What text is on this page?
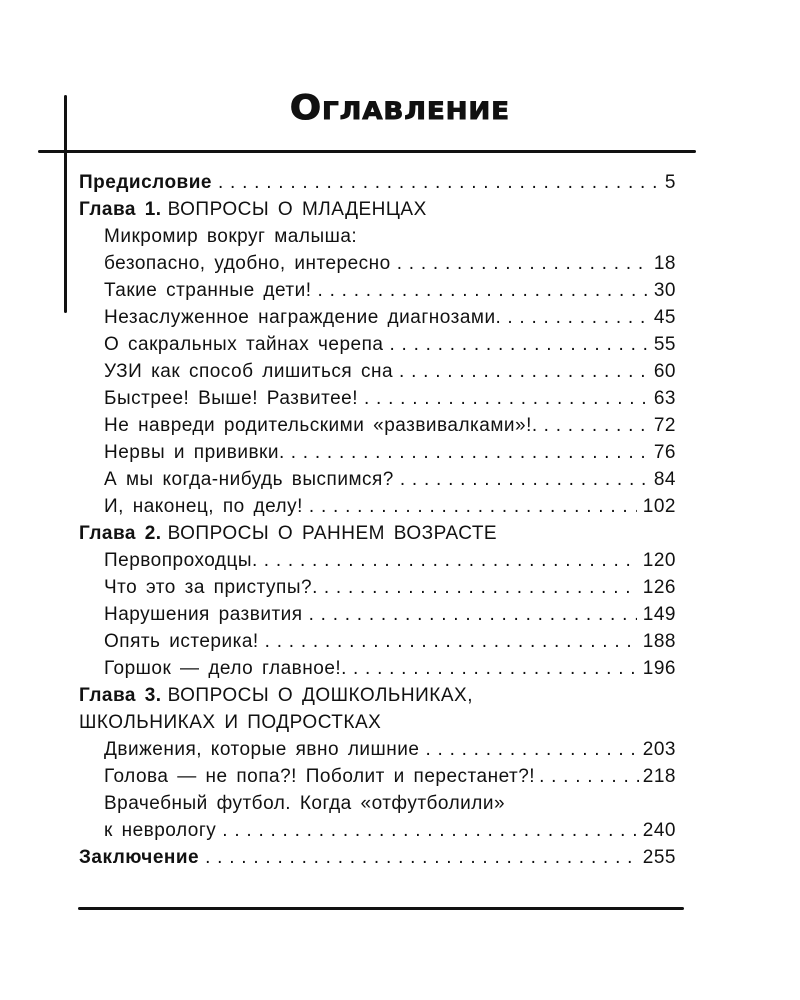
Оглавление
Предисловие . . .	5
Глава 1. ВОПРОСЫ О МЛАДЕНЦАХ
Микромир вокруг малыша:
безопасно, удобно, интересно . . .	18
Такие странные дети! . . .	30
Незаслуженное награждение диагнозами. . . .	45
О сакральных тайнах черепа . . .	55
УЗИ как способ лишиться сна . . .	60
Быстрее! Выше! Развитее! . . .	63
Не навреди родительскими «развивалками»!. . . .	72
Нервы и прививки. . . .	76
А мы когда-нибудь выспимся? . . .	84
И, наконец, по делу! . . .	102
Глава 2. ВОПРОСЫ О РАННЕМ ВОЗРАСТЕ
Первопроходцы. . . .	120
Что это за приступы?. . . .	126
Нарушения развития . . .	149
Опять истерика! . . .	188
Горшок — дело главное!. . . .	196
Глава 3. ВОПРОСЫ О ДОШКОЛЬНИКАХ,
ШКОЛЬНИКАХ И ПОДРОСТКАХ
Движения, которые явно лишние . . .	203
Голова — не попа?! Поболит и перестанет?! . . .	218
Врачебный футбол. Когда «отфутболили»
к неврологу . . .	240
Заключение . . .	255
